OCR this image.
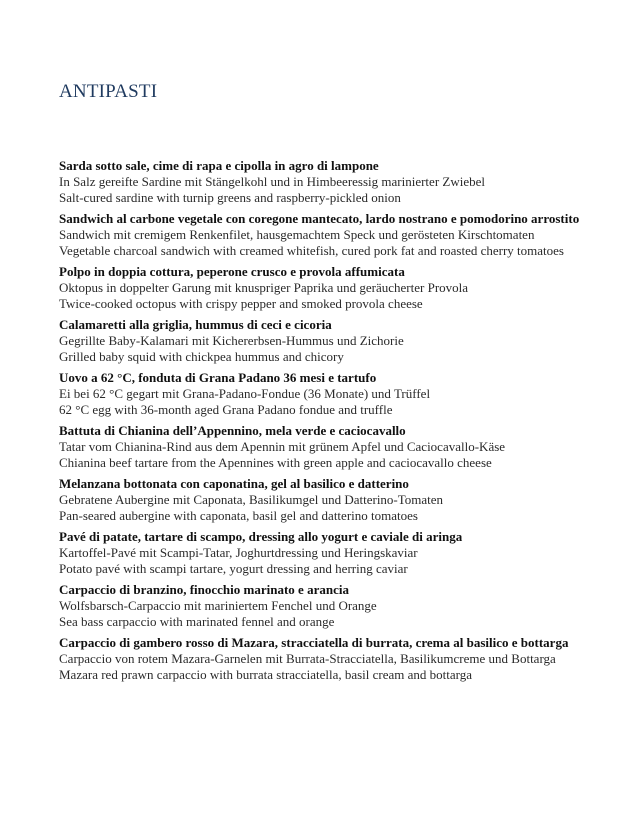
ANTIPASTI
Sarda sotto sale, cime di rapa e cipolla in agro di lampone
In Salz gereifte Sardine mit Stängelkohl und in Himbeeressig marinierter Zwiebel
Salt-cured sardine with turnip greens and raspberry-pickled onion
Sandwich al carbone vegetale con coregone mantecato, lardo nostrano e pomodorino arrostito
Sandwich mit cremigem Renkenfilet, hausgemachtem Speck und gerösteten Kirschtomaten
Vegetable charcoal sandwich with creamed whitefish, cured pork fat and roasted cherry tomatoes
Polpo in doppia cottura, peperone crusco e provola affumicata
Oktopus in doppelter Garung mit knuspriger Paprika und geräucherter Provola
Twice-cooked octopus with crispy pepper and smoked provola cheese
Calamaretti alla griglia, hummus di ceci e cicoria
Gegrillte Baby-Kalamari mit Kichererbsen-Hummus und Zichorie
Grilled baby squid with chickpea hummus and chicory
Uovo a 62 °C, fonduta di Grana Padano 36 mesi e tartufo
Ei bei 62 °C gegart mit Grana-Padano-Fondue (36 Monate) und Trüffel
62 °C egg with 36-month aged Grana Padano fondue and truffle
Battuta di Chianina dell’Appennino, mela verde e caciocavallo
Tatar vom Chianina-Rind aus dem Apennin mit grünem Apfel und Caciocavallo-Käse
Chianina beef tartare from the Apennines with green apple and caciocavallo cheese
Melanzana bottonata con caponatina, gel al basilico e datterino
Gebratene Aubergine mit Caponata, Basilikumgel und Datterino-Tomaten
Pan-seared aubergine with caponata, basil gel and datterino tomatoes
Pavé di patate, tartare di scampo, dressing allo yogurt e caviale di aringa
Kartoffel-Pavé mit Scampi-Tatar, Joghurtdressing und Heringskaviar
Potato pavé with scampi tartare, yogurt dressing and herring caviar
Carpaccio di branzino, finocchio marinato e arancia
Wolfsbarsch-Carpaccio mit mariniertem Fenchel und Orange
Sea bass carpaccio with marinated fennel and orange
Carpaccio di gambero rosso di Mazara, stracciatella di burrata, crema al basilico e bottarga
Carpaccio von rotem Mazara-Garnelen mit Burrata-Stracciatella, Basilikumcreme und Bottarga
Mazara red prawn carpaccio with burrata stracciatella, basil cream and bottarga
